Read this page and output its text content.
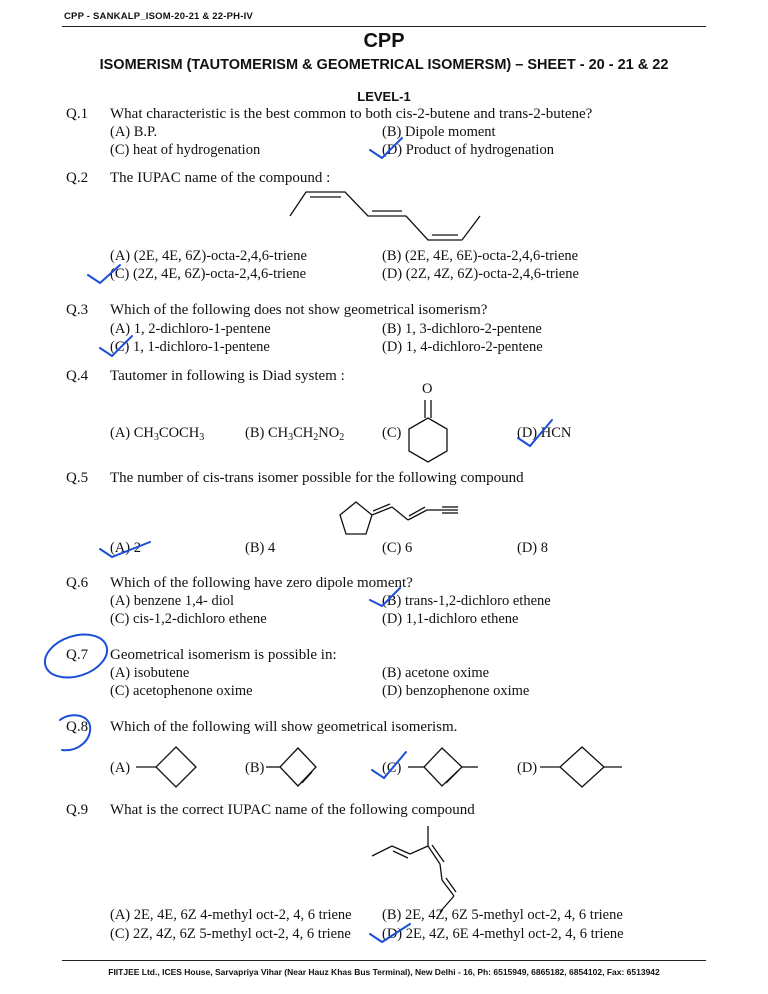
CPP - SANKALP_ISOM-20-21 & 22-PH-IV
CPP
ISOMERISM (TAUTOMERISM & GEOMETRICAL ISOMERSM) – SHEET - 20 - 21 & 22
LEVEL-1
Q.1 What characteristic is the best common to both cis-2-butene and trans-2-butene?
(A) B.P.	(B) Dipole moment
(C) heat of hydrogenation	(D) Product of hydrogenation
Q.2 The IUPAC name of the compound :
(A) (2E, 4E, 6Z)-octa-2,4,6-triene	(B) (2E, 4E, 6E)-octa-2,4,6-triene
(C) (2Z, 4E, 6Z)-octa-2,4,6-triene	(D) (2Z, 4Z, 6Z)-octa-2,4,6-triene
Q.3 Which of the following does not show geometrical isomerism?
(A) 1, 2-dichloro-1-pentene	(B) 1, 3-dichloro-2-pentene
(C) 1, 1-dichloro-1-pentene	(D) 1, 4-dichloro-2-pentene
Q.4 Tautomer in following is Diad system :
(A) $CH_3COCH_3$	(B) $CH_3CH_2NO_2$	(C)	(D) HCN
O
Q.5 The number of cis-trans isomer possible for the following compound
(A) 2	(B) 4	(C) 6	(D) 8
Q.6 Which of the following have zero dipole moment?
(A) benzene 1,4- diol	(B) trans-1,2-dichloro ethene
(C) cis-1,2-dichloro ethene	(D) 1,1-dichloro ethene
Q.7 Geometrical isomerism is possible in:
(A) isobutene	(B) acetone oxime
(C) acetophenone oxime	(D) benzophenone oxime
Q.8 Which of the following will show geometrical isomerism.
(A)	(B)	(C)	(D)
Q.9 What is the correct IUPAC name of the following compound
(A) 2E, 4E, 6Z 4-methyl oct-2, 4, 6 triene (B) 2E, 4Z, 6Z 5-methyl oct-2, 4, 6 triene
(C) 2Z, 4Z, 6Z 5-methyl oct-2, 4, 6 triene (D) 2E, 4Z, 6E 4-methyl oct-2, 4, 6 triene
FIITJEE Ltd., ICES House, Sarvapriya Vihar (Near Hauz Khas Bus Terminal), New Delhi - 16, Ph: 6515949, 6865182, 6854102, Fax: 6513942
